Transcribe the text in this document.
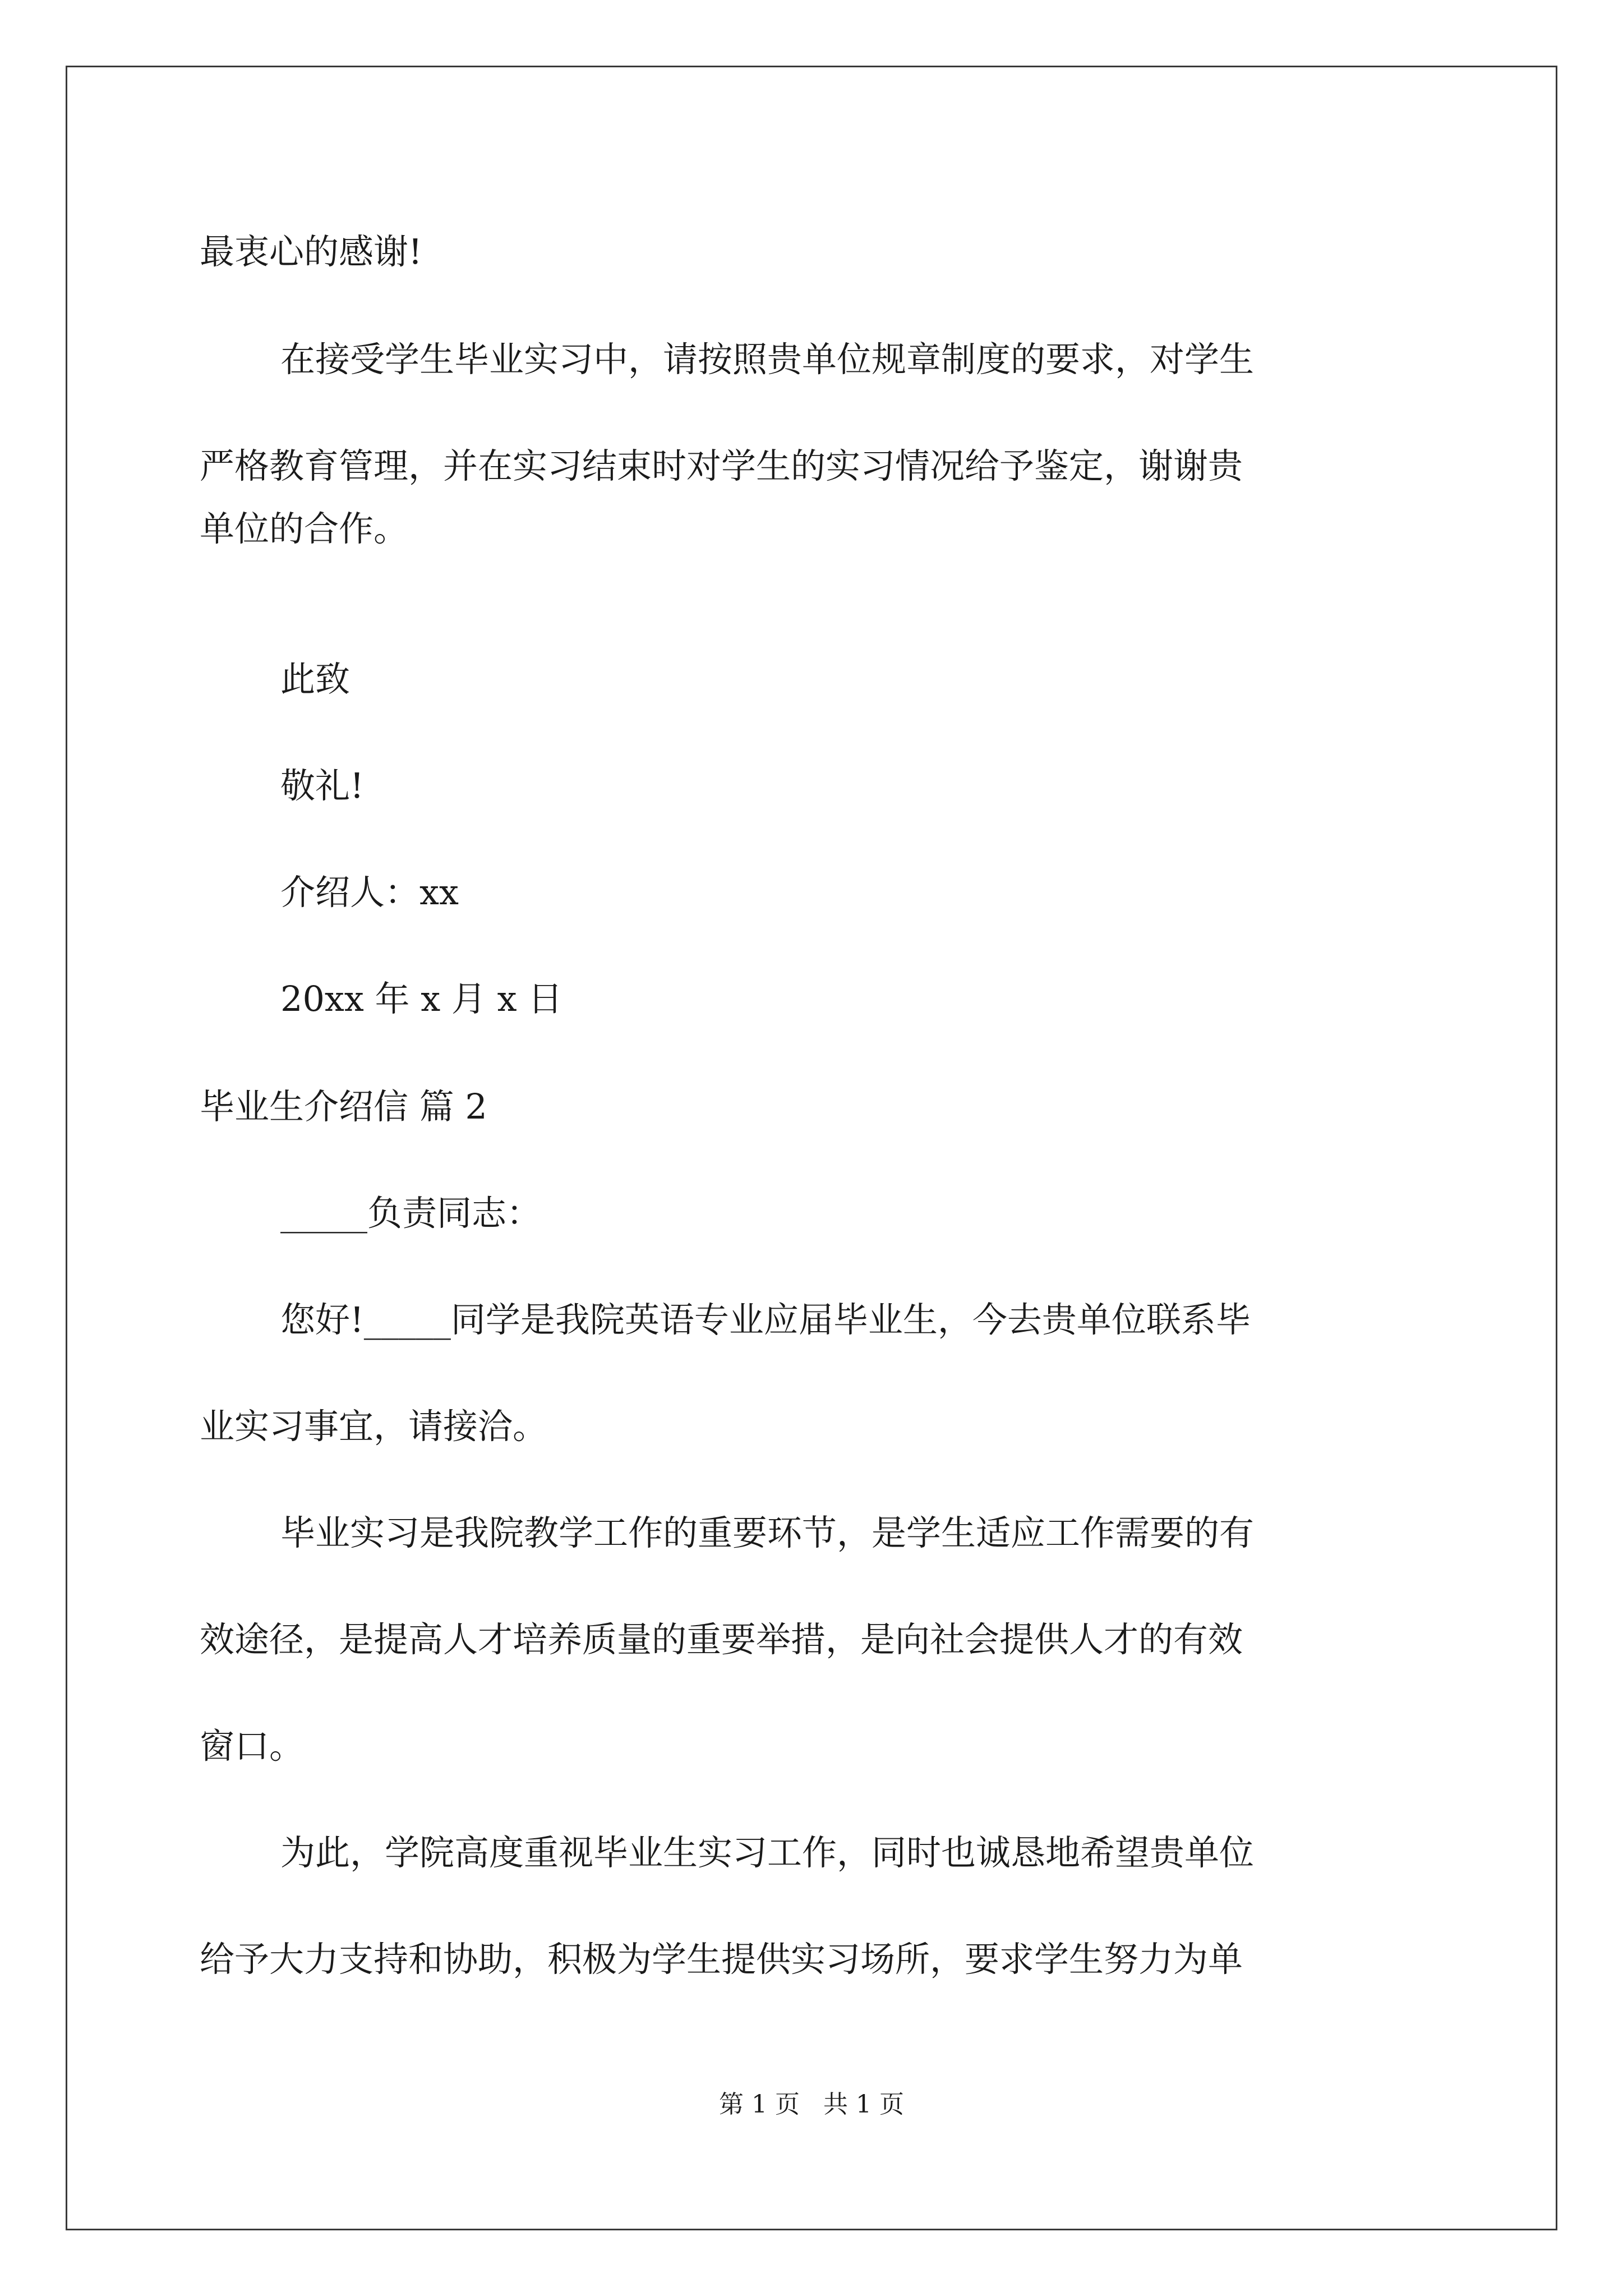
最衷心的感谢!
在接受学生毕业实习中，请按照贵单位规章制度的要求，对学生
严格教育管理，并在实习结束时对学生的实习情况给予鉴定，谢谢贵
单位的合作。
此致
敬礼!
介绍人：xx
20xx 年 x 月 x 日
毕业生介绍信 篇 2
_____负责同志：
您好!_____同学是我院英语专业应届毕业生，今去贵单位联系毕
业实习事宜，请接洽。
毕业实习是我院教学工作的重要环节，是学生适应工作需要的有
效途径，是提高人才培养质量的重要举措，是向社会提供人才的有效
窗口。
为此，学院高度重视毕业生实习工作，同时也诚恳地希望贵单位
给予大力支持和协助，积极为学生提供实习场所，要求学生努力为单
第 1 页   共 1 页
